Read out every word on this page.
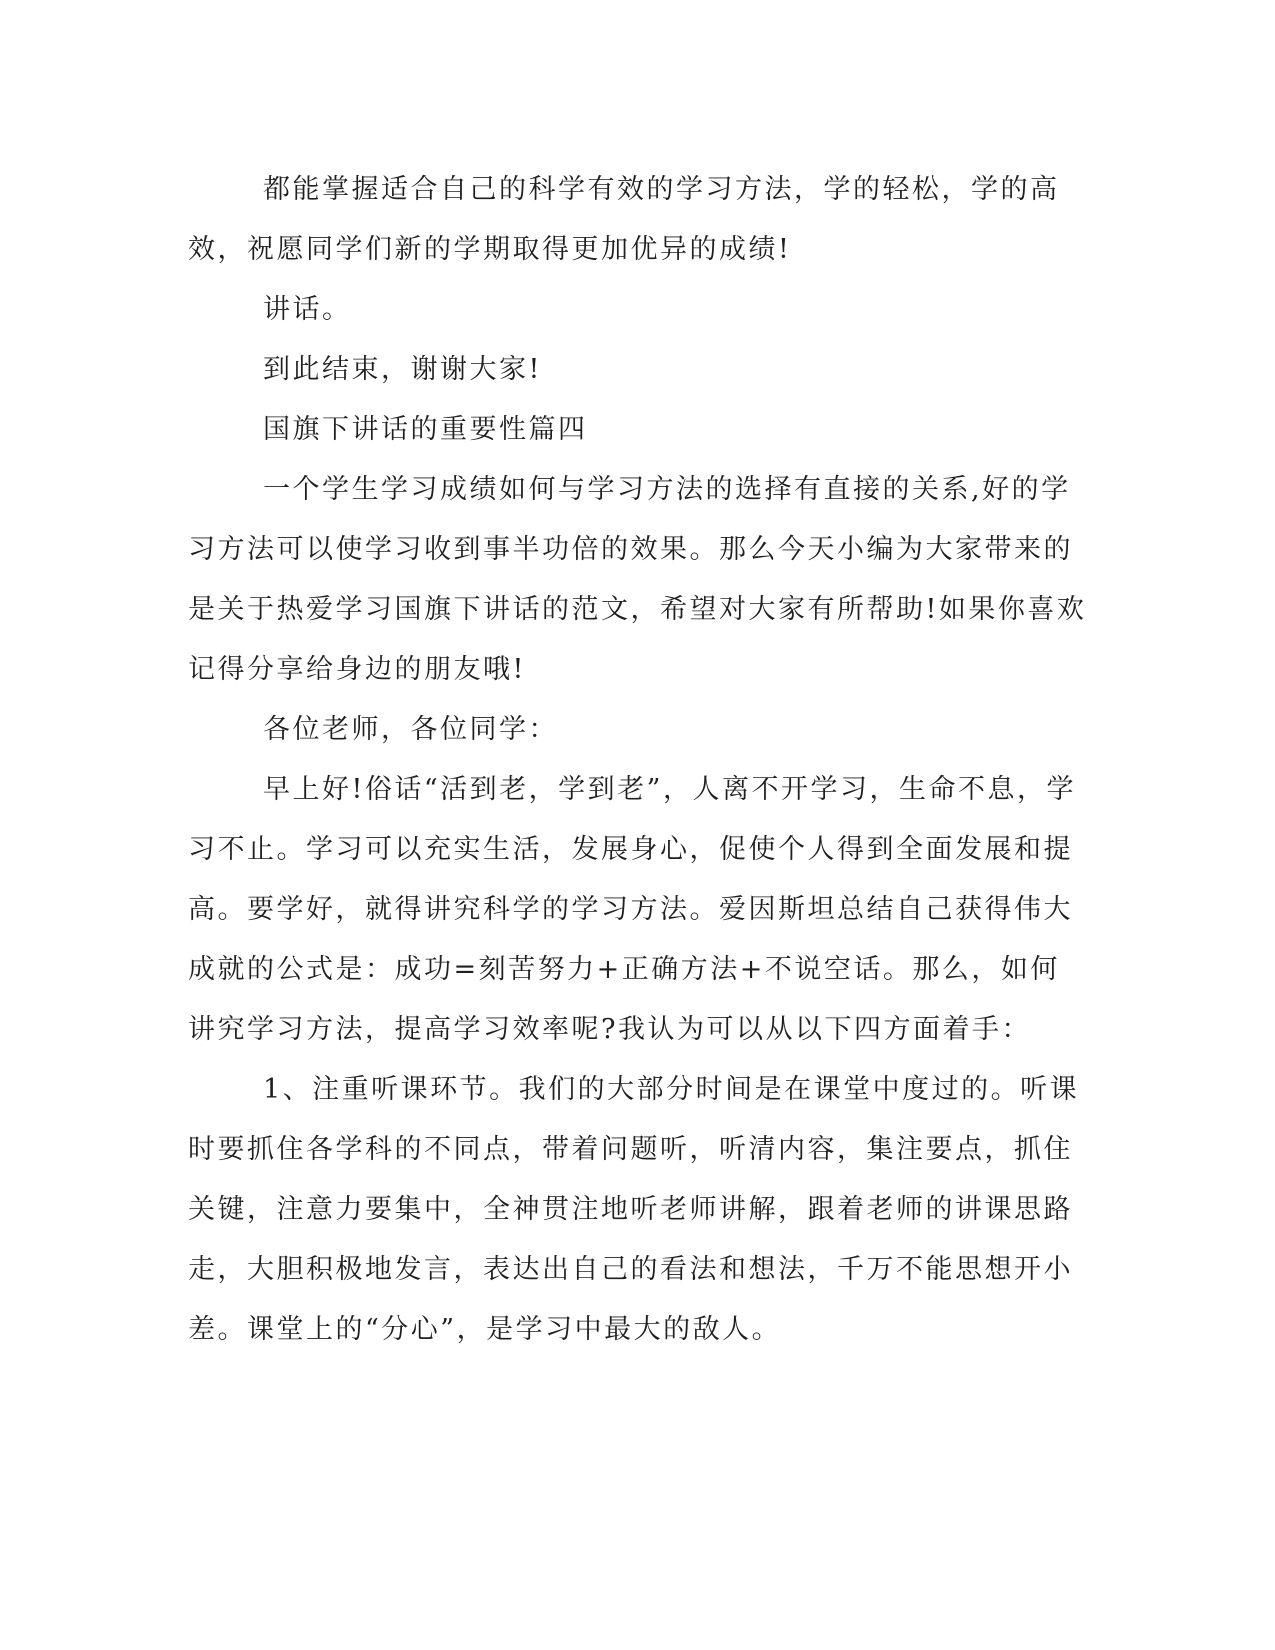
都能掌握适合自己的科学有效的学习方法，学的轻松，学的高效，祝愿同学们新的学期取得更加优异的成绩!

讲话。

到此结束，谢谢大家!

国旗下讲话的重要性篇四

一个学生学习成绩如何与学习方法的选择有直接的关系,好的学习方法可以使学习收到事半功倍的效果。那么今天小编为大家带来的是关于热爱学习国旗下讲话的范文，希望对大家有所帮助!如果你喜欢记得分享给身边的朋友哦!

各位老师，各位同学：

早上好!俗话“活到老，学到老”，人离不开学习，生命不息，学习不止。学习可以充实生活，发展身心，促使个人得到全面发展和提高。要学好，就得讲究科学的学习方法。爱因斯坦总结自己获得伟大成就的公式是：成功=刻苦努力+正确方法+不说空话。那么，如何讲究学习方法，提高学习效率呢?我认为可以从以下四方面着手：

1、注重听课环节。我们的大部分时间是在课堂中度过的。听课时要抓住各学科的不同点，带着问题听，听清内容，集注要点，抓住关键，注意力要集中，全神贯注地听老师讲解，跟着老师的讲课思路走，大胆积极地发言，表达出自己的看法和想法，千万不能思想开小差。课堂上的“分心”，是学习中最大的敌人。
